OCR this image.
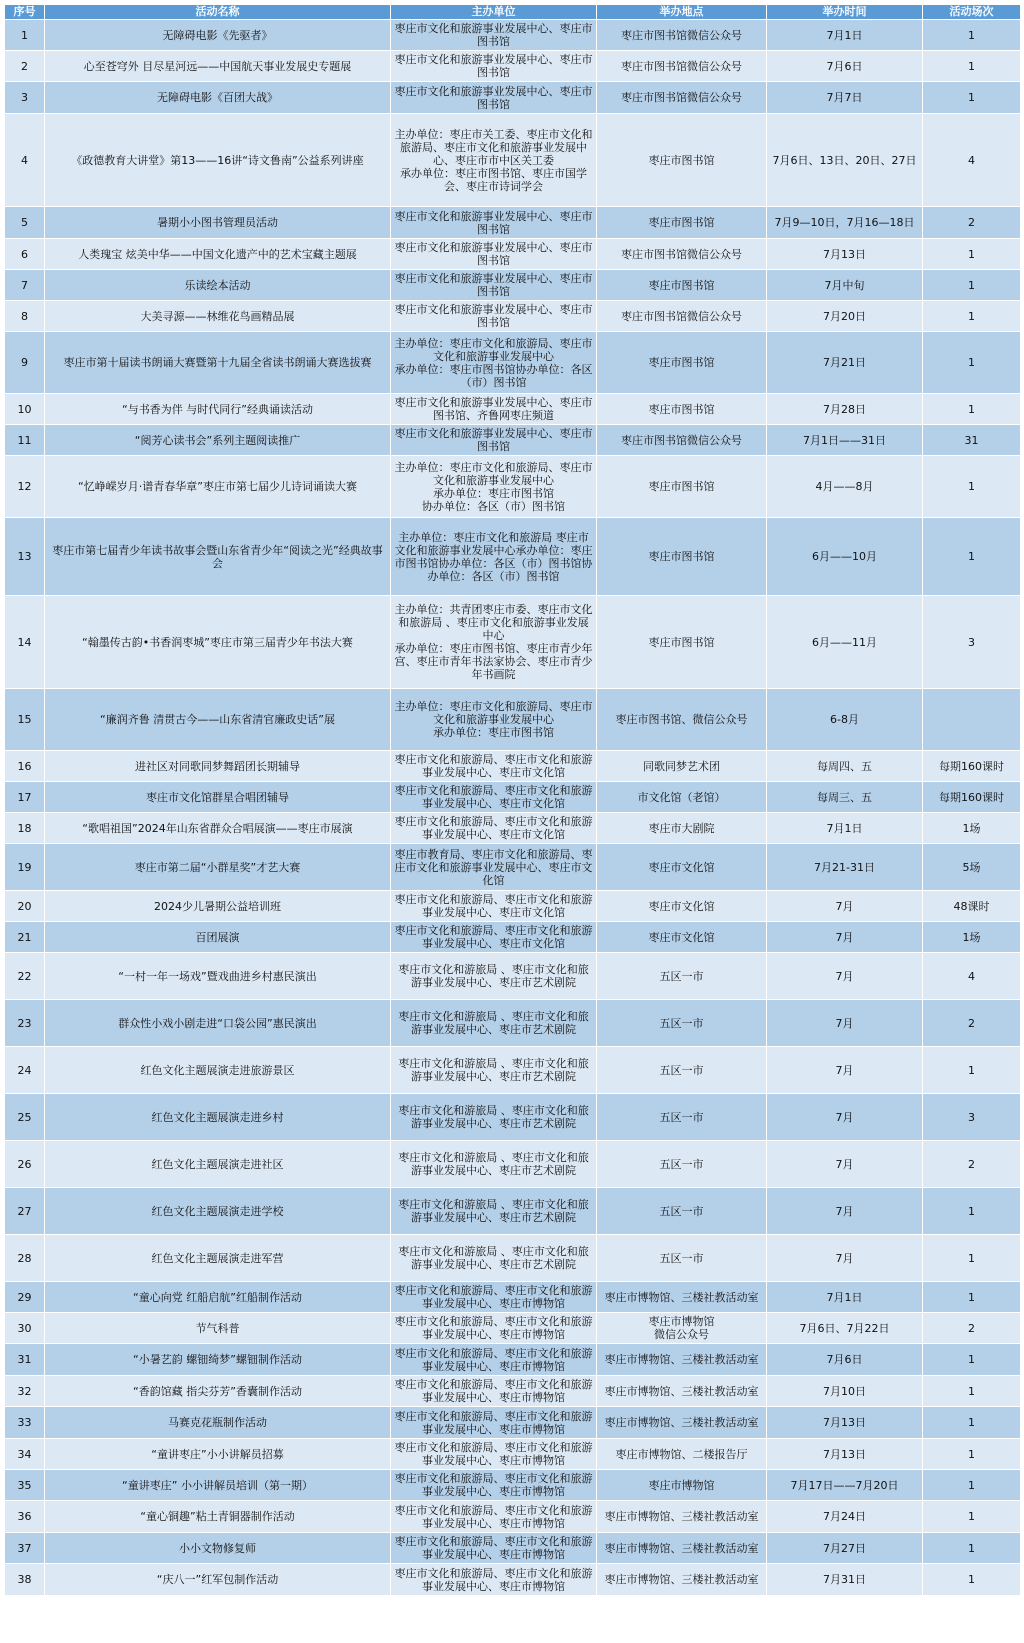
序号	活动名称	主办单位	举办地点	举办时间	活动场次
1	无障碍电影《先驱者》	枣庄市文化和旅游事业发展中心、枣庄市图书馆	枣庄市图书馆微信公众号	7月1日	1
2	心至苍穹外 目尽星河远——中国航天事业发展史专题展	枣庄市文化和旅游事业发展中心、枣庄市图书馆	枣庄市图书馆微信公众号	7月6日	1
3	无障碍电影《百团大战》	枣庄市文化和旅游事业发展中心、枣庄市图书馆	枣庄市图书馆微信公众号	7月7日	1
4	《政德教育大讲堂》第13——16讲“诗文鲁南”公益系列讲座	主办单位：枣庄市关工委、枣庄市文化和旅游局、枣庄市文化和旅游事业发展中心、枣庄市市中区关工委
承办单位：枣庄市图书馆、枣庄市国学会、枣庄市诗词学会	枣庄市图书馆	7月6日、13日、20日、27日	4
5	暑期小小图书管理员活动	枣庄市文化和旅游事业发展中心、枣庄市图书馆	枣庄市图书馆	7月9—10日，7月16—18日	2
6	人类瑰宝 炫美中华——中国文化遗产中的艺术宝藏主题展	枣庄市文化和旅游事业发展中心、枣庄市图书馆	枣庄市图书馆微信公众号	7月13日	1
7	乐读绘本活动	枣庄市文化和旅游事业发展中心、枣庄市图书馆	枣庄市图书馆	7月中旬	1
8	大美寻源——林维花鸟画精品展	枣庄市文化和旅游事业发展中心、枣庄市图书馆	枣庄市图书馆微信公众号	7月20日	1
9	枣庄市第十届读书朗诵大赛暨第十九届全省读书朗诵大赛选拔赛	主办单位：枣庄市文化和旅游局、枣庄市文化和旅游事业发展中心
承办单位：枣庄市图书馆协办单位：各区（市）图书馆	枣庄市图书馆	7月21日	1
10	“与书香为伴 与时代同行”经典诵读活动	枣庄市文化和旅游事业发展中心、枣庄市图书馆、齐鲁网枣庄频道	枣庄市图书馆	7月28日	1
11	“阅芳心读书会”系列主题阅读推广	枣庄市文化和旅游事业发展中心、枣庄市图书馆	枣庄市图书馆微信公众号	7月1日——31日	31
12	“忆峥嵘岁月·谱青春华章”枣庄市第七届少儿诗词诵读大赛	主办单位：枣庄市文化和旅游局、枣庄市文化和旅游事业发展中心
承办单位：枣庄市图书馆
协办单位：各区（市）图书馆	枣庄市图书馆	4月——8月	1
13	枣庄市第七届青少年读书故事会暨山东省青少年“阅读之光”经典故事会	主办单位：枣庄市文化和旅游局 枣庄市文化和旅游事业发展中心承办单位：枣庄市图书馆协办单位：各区（市）图书馆协办单位：各区（市）图书馆	枣庄市图书馆	6月——10月	1
14	“翰墨传古韵•书香润枣城”枣庄市第三届青少年书法大赛	主办单位：共青团枣庄市委、枣庄市文化和旅游局 、枣庄市文化和旅游事业发展中心
承办单位：枣庄市图书馆、枣庄市青少年宫、枣庄市青年书法家协会、枣庄市青少年书画院	枣庄市图书馆	6月——11月	3
15	“廉润齐鲁 清贯古今——山东省清官廉政史话”展	主办单位：枣庄市文化和旅游局、枣庄市文化和旅游事业发展中心
承办单位：枣庄市图书馆	枣庄市图书馆、微信公众号	6-8月	
16	进社区对同歌同梦舞蹈团长期辅导	枣庄市文化和旅游局、枣庄市文化和旅游事业发展中心、枣庄市文化馆	同歌同梦艺术团	每周四、五	每期160课时
17	枣庄市文化馆群星合唱团辅导	枣庄市文化和旅游局、枣庄市文化和旅游事业发展中心、枣庄市文化馆	市文化馆（老馆）	每周三、五	每期160课时
18	“歌唱祖国”2024年山东省群众合唱展演——枣庄市展演	枣庄市文化和旅游局、枣庄市文化和旅游事业发展中心、枣庄市文化馆	枣庄市大剧院	7月1日	1场
19	枣庄市第二届“小群星奖”才艺大赛	枣庄市教育局、枣庄市文化和旅游局、枣庄市文化和旅游事业发展中心、枣庄市文化馆	枣庄市文化馆	7月21-31日	5场
20	2024少儿暑期公益培训班	枣庄市文化和旅游局、枣庄市文化和旅游事业发展中心、枣庄市文化馆	枣庄市文化馆	7月	48课时
21	百团展演	枣庄市文化和旅游局、枣庄市文化和旅游事业发展中心、枣庄市文化馆	枣庄市文化馆	7月	1场
22	“一村一年一场戏”暨戏曲进乡村惠民演出	枣庄市文化和游旅局 、枣庄市文化和旅游事业发展中心、枣庄市艺术剧院	五区一市	7月	4
23	群众性小戏小剧走进“口袋公园”惠民演出	枣庄市文化和游旅局 、枣庄市文化和旅游事业发展中心、枣庄市艺术剧院	五区一市	7月	2
24	红色文化主题展演走进旅游景区	枣庄市文化和游旅局 、枣庄市文化和旅游事业发展中心、枣庄市艺术剧院	五区一市	7月	1
25	红色文化主题展演走进乡村	枣庄市文化和游旅局 、枣庄市文化和旅游事业发展中心、枣庄市艺术剧院	五区一市	7月	3
26	红色文化主题展演走进社区	枣庄市文化和游旅局 、枣庄市文化和旅游事业发展中心、枣庄市艺术剧院	五区一市	7月	2
27	红色文化主题展演走进学校	枣庄市文化和游旅局 、枣庄市文化和旅游事业发展中心、枣庄市艺术剧院	五区一市	7月	1
28	红色文化主题展演走进军营	枣庄市文化和游旅局 、枣庄市文化和旅游事业发展中心、枣庄市艺术剧院	五区一市	7月	1
29	“童心向党 红船启航”红船制作活动	枣庄市文化和旅游局、枣庄市文化和旅游事业发展中心、枣庄市博物馆	枣庄市博物馆、三楼社教活动室	7月1日	1
30	节气科普	枣庄市文化和旅游局、枣庄市文化和旅游事业发展中心、枣庄市博物馆	枣庄市博物馆
微信公众号	7月6日、7月22日	2
31	“小暑艺韵 螺钿绮梦”螺钿制作活动	枣庄市文化和旅游局、枣庄市文化和旅游事业发展中心、枣庄市博物馆	枣庄市博物馆、三楼社教活动室	7月6日	1
32	“香韵馆藏 指尖芬芳”香囊制作活动	枣庄市文化和旅游局、枣庄市文化和旅游事业发展中心、枣庄市博物馆	枣庄市博物馆、三楼社教活动室	7月10日	1
33	马赛克花瓶制作活动	枣庄市文化和旅游局、枣庄市文化和旅游事业发展中心、枣庄市博物馆	枣庄市博物馆、三楼社教活动室	7月13日	1
34	“童讲枣庄”小小讲解员招募	枣庄市文化和旅游局、枣庄市文化和旅游事业发展中心、枣庄市博物馆	枣庄市博物馆、二楼报告厅	7月13日	1
35	“童讲枣庄” 小小讲解员培训（第一期）	枣庄市文化和旅游局、枣庄市文化和旅游事业发展中心、枣庄市博物馆	枣庄市博物馆	7月17日——7月20日	1
36	“童心铜趣”粘土青铜器制作活动	枣庄市文化和旅游局、枣庄市文化和旅游事业发展中心、枣庄市博物馆	枣庄市博物馆、三楼社教活动室	7月24日	1
37	小小文物修复师	枣庄市文化和旅游局、枣庄市文化和旅游事业发展中心、枣庄市博物馆	枣庄市博物馆、三楼社教活动室	7月27日	1
38	“庆八一”红军包制作活动	枣庄市文化和旅游局、枣庄市文化和旅游事业发展中心、枣庄市博物馆	枣庄市博物馆、三楼社教活动室	7月31日	1
